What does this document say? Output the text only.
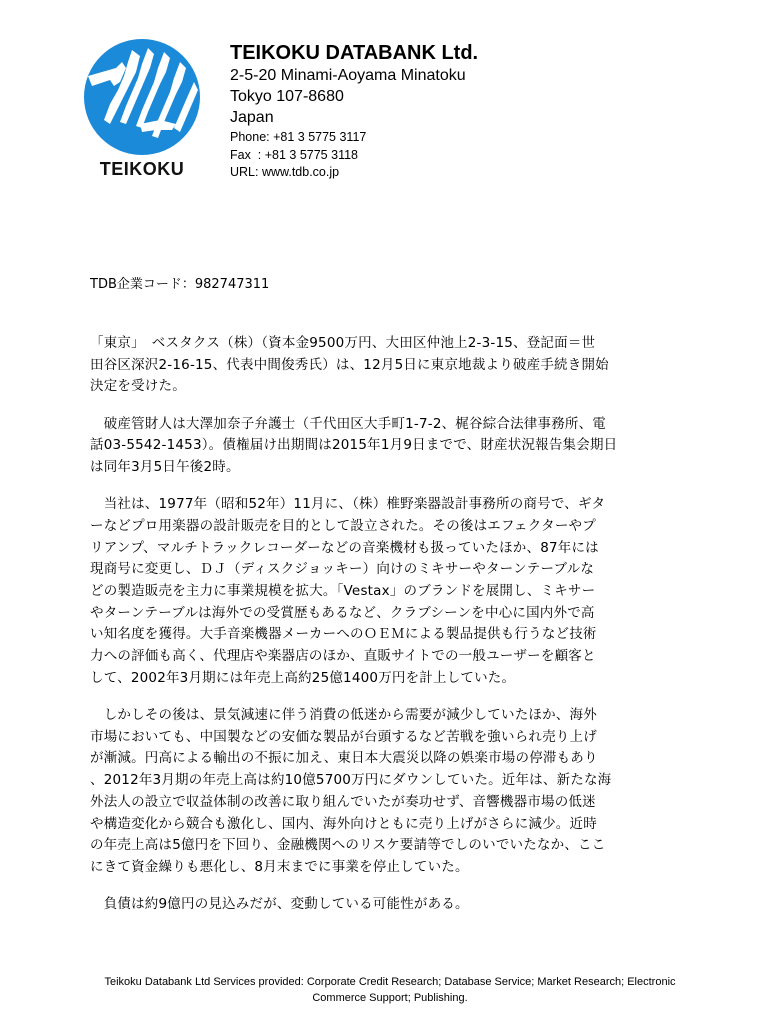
TEIKOKU
TEIKOKU DATABANK Ltd.
2-5-20 Minami-Aoyama Minatoku
Tokyo 107-8680
Japan
Phone: +81 3 5775 3117
Fax  : +81 3 5775 3118
URL: www.tdb.co.jp
TDB企業コード：982747311

「東京」　ベスタクス（株）（資本金9500万円、大田区仲池上2-3-15、登記面＝世
田谷区深沢2-16-15、代表中間俊秀氏）は、12月5日に東京地裁より破産手続き開始
決定を受けた。

　破産管財人は大澤加奈子弁護士（千代田区大手町1-7-2、梶谷綜合法律事務所、電
話03-5542-1453）。債権届け出期間は2015年1月9日までで、財産状況報告集会期日
は同年3月5日午後2時。

　当社は、1977年（昭和52年）11月に、（株）椎野楽器設計事務所の商号で、ギタ
ーなどプロ用楽器の設計販売を目的として設立された。その後はエフェクターやプ
リアンプ、マルチトラックレコーダーなどの音楽機材も扱っていたほか、87年には
現商号に変更し、ＤＪ（ディスクジョッキー）向けのミキサーやターンテーブルな
どの製造販売を主力に事業規模を拡大。「Vestax」のブランドを展開し、ミキサー
やターンテーブルは海外での受賞歴もあるなど、クラブシーンを中心に国内外で高
い知名度を獲得。大手音楽機器メーカーへのＯＥＭによる製品提供も行うなど技術
力への評価も高く、代理店や楽器店のほか、直販サイトでの一般ユーザーを顧客と
して、2002年3月期には年売上高約25億1400万円を計上していた。

　しかしその後は、景気減速に伴う消費の低迷から需要が減少していたほか、海外
市場においても、中国製などの安価な製品が台頭するなど苦戦を強いられ売り上げ
が漸減。円高による輸出の不振に加え、東日本大震災以降の娯楽市場の停滞もあり
、2012年3月期の年売上高は約10億5700万円にダウンしていた。近年は、新たな海
外法人の設立で収益体制の改善に取り組んでいたが奏功せず、音響機器市場の低迷
や構造変化から競合も激化し、国内、海外向けともに売り上げがさらに減少。近時
の年売上高は5億円を下回り、金融機関へのリスケ要請等でしのいでいたなか、ここ
にきて資金繰りも悪化し、8月末までに事業を停止していた。

　負債は約9億円の見込みだが、変動している可能性がある。

Teikoku Databank Ltd Services provided: Corporate Credit Research; Database Service; Market Research; Electronic
Commerce Support; Publishing.
